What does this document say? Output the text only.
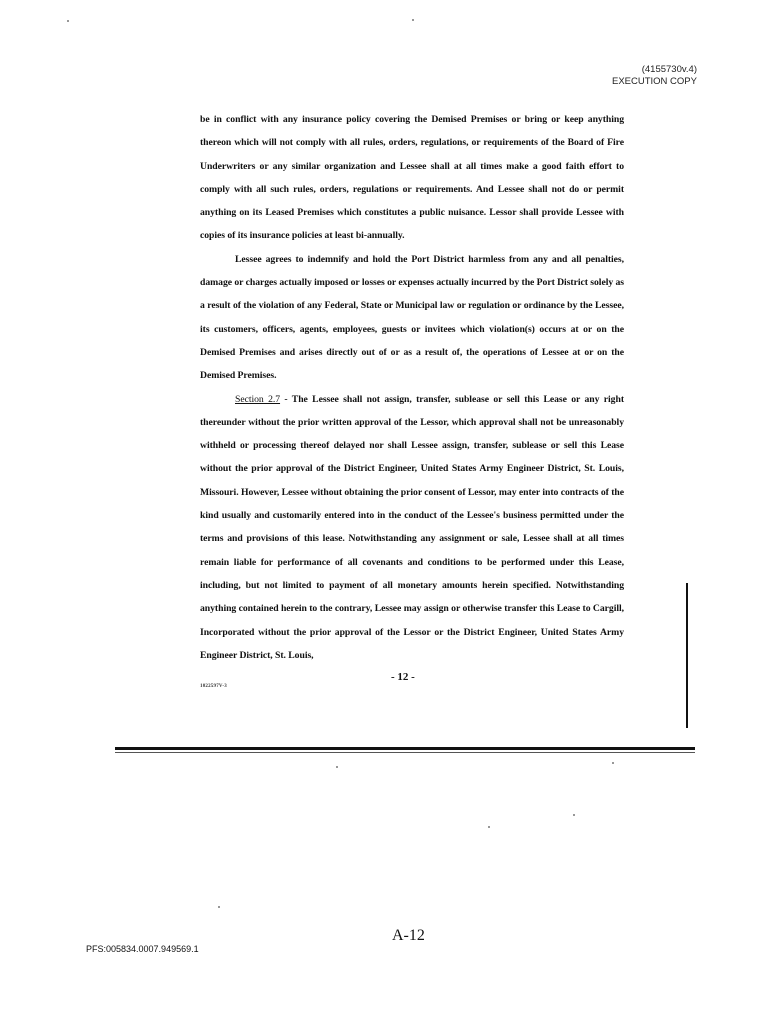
(4155730v.4)
EXECUTION COPY

be in conflict with any insurance policy covering the Demised Premises or bring or keep anything thereon which will not comply with all rules, orders, regulations, or requirements of the Board of Fire Underwriters or any similar organization and Lessee shall at all times make a good faith effort to comply with all such rules, orders, regulations or requirements. And Lessee shall not do or permit anything on its Leased Premises which constitutes a public nuisance. Lessor shall provide Lessee with copies of its insurance policies at least bi-annually.

Lessee agrees to indemnify and hold the Port District harmless from any and all penalties, damage or charges actually imposed or losses or expenses actually incurred by the Port District solely as a result of the violation of any Federal, State or Municipal law or regulation or ordinance by the Lessee, its customers, officers, agents, employees, guests or invitees which violation(s) occurs at or on the Demised Premises and arises directly out of or as a result of, the operations of Lessee at or on the Demised Premises.

Section 2.7 - The Lessee shall not assign, transfer, sublease or sell this Lease or any right thereunder without the prior written approval of the Lessor, which approval shall not be unreasonably withheld or processing thereof delayed nor shall Lessee assign, transfer, sublease or sell this Lease without the prior approval of the District Engineer, United States Army Engineer District, St. Louis, Missouri. However, Lessee without obtaining the prior consent of Lessor, may enter into contracts of the kind usually and customarily entered into in the conduct of the Lessee's business permitted under the terms and provisions of this lease. Notwithstanding any assignment or sale, Lessee shall at all times remain liable for performance of all covenants and conditions to be performed under this Lease, including, but not limited to payment of all monetary amounts herein specified. Notwithstanding anything contained herein to the contrary, Lessee may assign or otherwise transfer this Lease to Cargill, Incorporated without the prior approval of the Lessor or the District Engineer, United States Army Engineer District, St. Louis,

- 12 -
1022597V-3
A-12
PFS:005834.0007.949569.1
